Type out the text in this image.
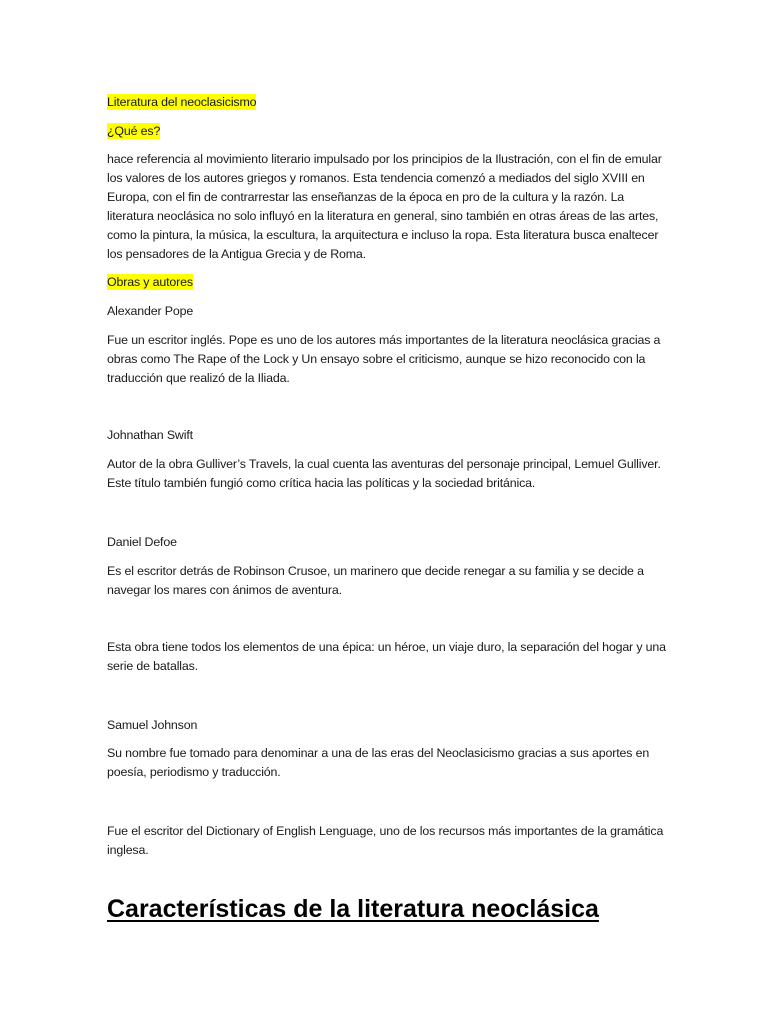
Literatura del neoclasicismo

¿Qué es?

hace referencia al movimiento literario impulsado por los principios de la Ilustración, con el fin de emular los valores de los autores griegos y romanos. Esta tendencia comenzó a mediados del siglo XVIII en Europa, con el fin de contrarrestar las enseñanzas de la época en pro de la cultura y la razón. La literatura neoclásica no solo influyó en la literatura en general, sino también en otras áreas de las artes, como la pintura, la música, la escultura, la arquitectura e incluso la ropa. Esta literatura busca enaltecer los pensadores de la Antigua Grecia y de Roma.

Obras y autores

Alexander Pope

Fue un escritor inglés. Pope es uno de los autores más importantes de la literatura neoclásica gracias a obras como The Rape of the Lock y Un ensayo sobre el criticismo, aunque se hizo reconocido con la traducción que realizó de la Iliada.

Johnathan Swift

Autor de la obra Gulliver’s Travels, la cual cuenta las aventuras del personaje principal, Lemuel Gulliver. Este título también fungió como crítica hacia las políticas y la sociedad británica.

Daniel Defoe

Es el escritor detrás de Robinson Crusoe, un marinero que decide renegar a su familia y se decide a navegar los mares con ánimos de aventura.

Esta obra tiene todos los elementos de una épica: un héroe, un viaje duro, la separación del hogar y una serie de batallas.

Samuel Johnson

Su nombre fue tomado para denominar a una de las eras del Neoclasicismo gracias a sus aportes en poesía, periodismo y traducción.

Fue el escritor del Dictionary of English Lenguage, uno de los recursos más importantes de la gramática inglesa.

Características de la literatura neoclásica
